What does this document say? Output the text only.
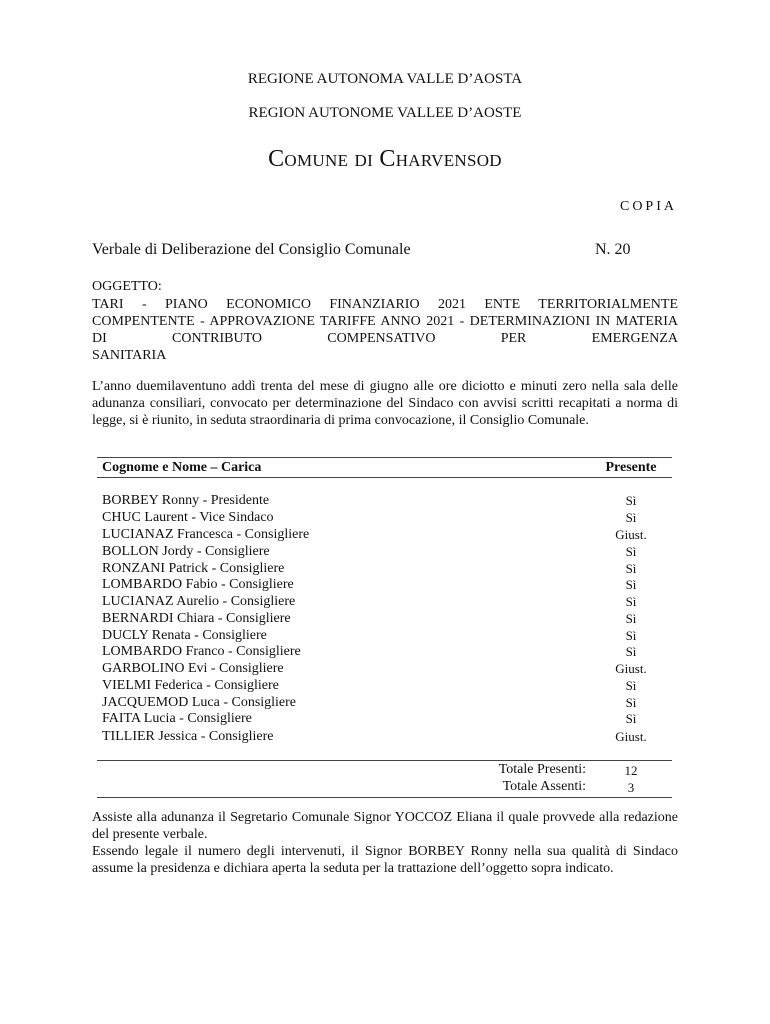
REGIONE AUTONOMA VALLE D’AOSTA
REGION AUTONOME VALLEE D’AOSTE
Comune di Charvensod
COPIA
Verbale di Deliberazione del Consiglio Comunale	N. 20
OGGETTO:
TARI - PIANO ECONOMICO FINANZIARIO 2021 ENTE TERRITORIALMENTE COMPENTENTE - APPROVAZIONE TARIFFE ANNO 2021 - DETERMINAZIONI IN MATERIA DI CONTRIBUTO COMPENSATIVO PER EMERGENZA
SANITARIA
L’anno duemilaventuno addì trenta del mese di giugno alle ore diciotto e minuti zero nella sala delle adunanza consiliari, convocato per determinazione del Sindaco con avvisi scritti recapitati a norma di legge, si è riunito, in seduta straordinaria di prima convocazione, il Consiglio Comunale.
Cognome e Nome – Carica	Presente
BORBEY Ronny - Presidente	Sì
CHUC Laurent - Vice Sindaco	Sì
LUCIANAZ Francesca - Consigliere	Giust.
BOLLON Jordy - Consigliere	Sì
RONZANI Patrick - Consigliere	Sì
LOMBARDO Fabio - Consigliere	Sì
LUCIANAZ Aurelio - Consigliere	Sì
BERNARDI Chiara - Consigliere	Sì
DUCLY Renata - Consigliere	Sì
LOMBARDO Franco - Consigliere	Sì
GARBOLINO Evi - Consigliere	Giust.
VIELMI Federica - Consigliere	Sì
JACQUEMOD Luca - Consigliere	Sì
FAITA Lucia - Consigliere	Sì
TILLIER Jessica - Consigliere	Giust.
Totale Presenti:	12
Totale Assenti:	3
Assiste alla adunanza il Segretario Comunale Signor YOCCOZ Eliana il quale provvede alla redazione del presente verbale.
Essendo legale il numero degli intervenuti, il Signor BORBEY Ronny nella sua qualità di Sindaco assume la presidenza e dichiara aperta la seduta per la trattazione dell’oggetto sopra indicato.
